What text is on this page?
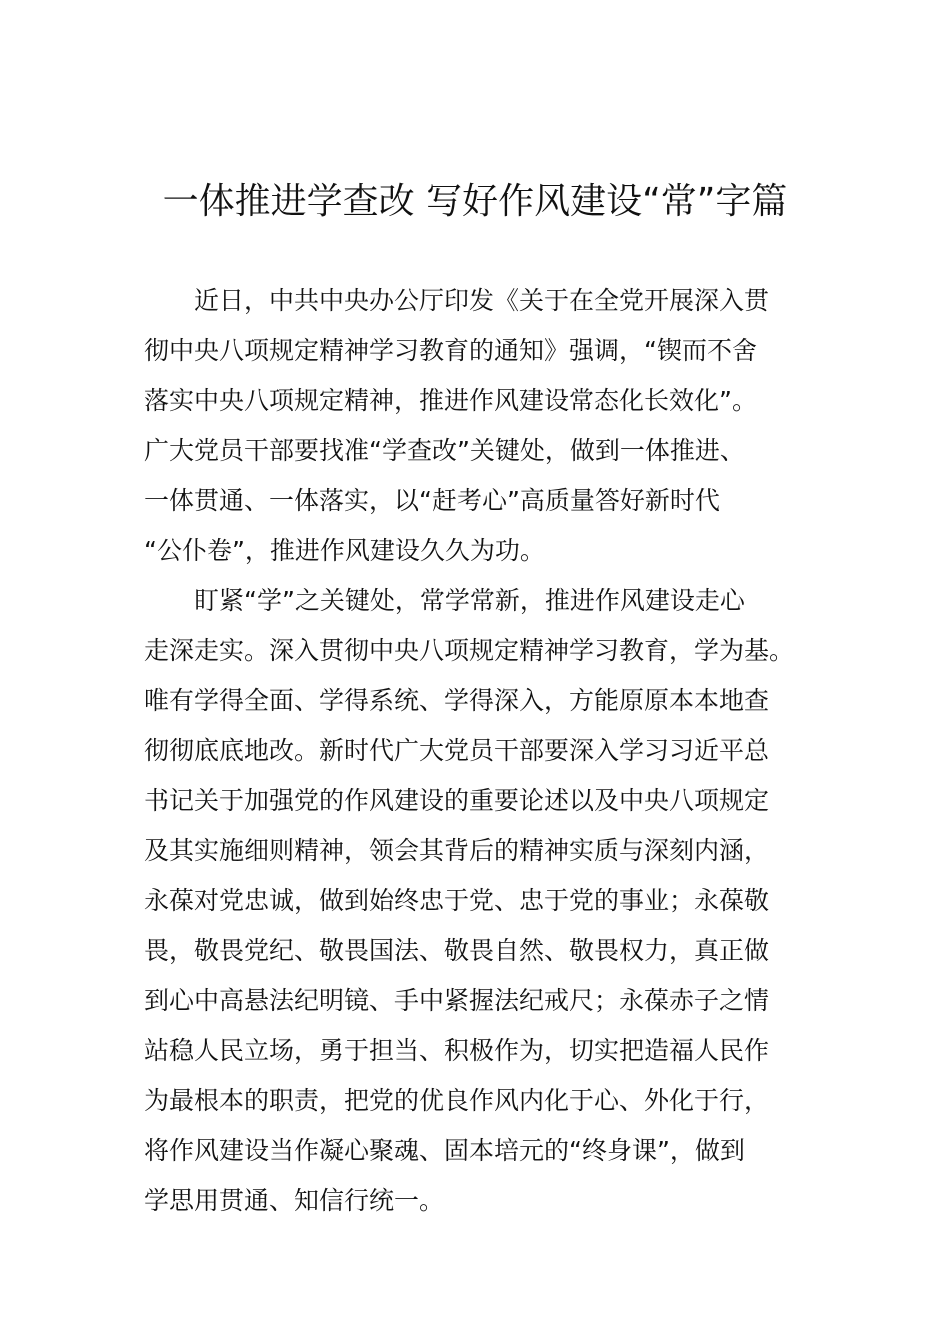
一体推进学查改 写好作风建设“常”字篇
近日，中共中央办公厅印发《关于在全党开展深入贯
彻中央八项规定精神学习教育的通知》强调，“锲而不舍
落实中央八项规定精神，推进作风建设常态化长效化”。
广大党员干部要找准“学查改”关键处，做到一体推进、
一体贯通、一体落实，以“赶考心”高质量答好新时代
“公仆卷”，推进作风建设久久为功。
盯紧“学”之关键处，常学常新，推进作风建设走心
走深走实。深入贯彻中央八项规定精神学习教育，学为基。
唯有学得全面、学得系统、学得深入，方能原原本本地查
彻彻底底地改。新时代广大党员干部要深入学习习近平总
书记关于加强党的作风建设的重要论述以及中央八项规定
及其实施细则精神，领会其背后的精神实质与深刻内涵，
永葆对党忠诚，做到始终忠于党、忠于党的事业；永葆敬
畏，敬畏党纪、敬畏国法、敬畏自然、敬畏权力，真正做
到心中高悬法纪明镜、手中紧握法纪戒尺；永葆赤子之情
站稳人民立场，勇于担当、积极作为，切实把造福人民作
为最根本的职责，把党的优良作风内化于心、外化于行，
将作风建设当作凝心聚魂、固本培元的“终身课”，做到
学思用贯通、知信行统一。
